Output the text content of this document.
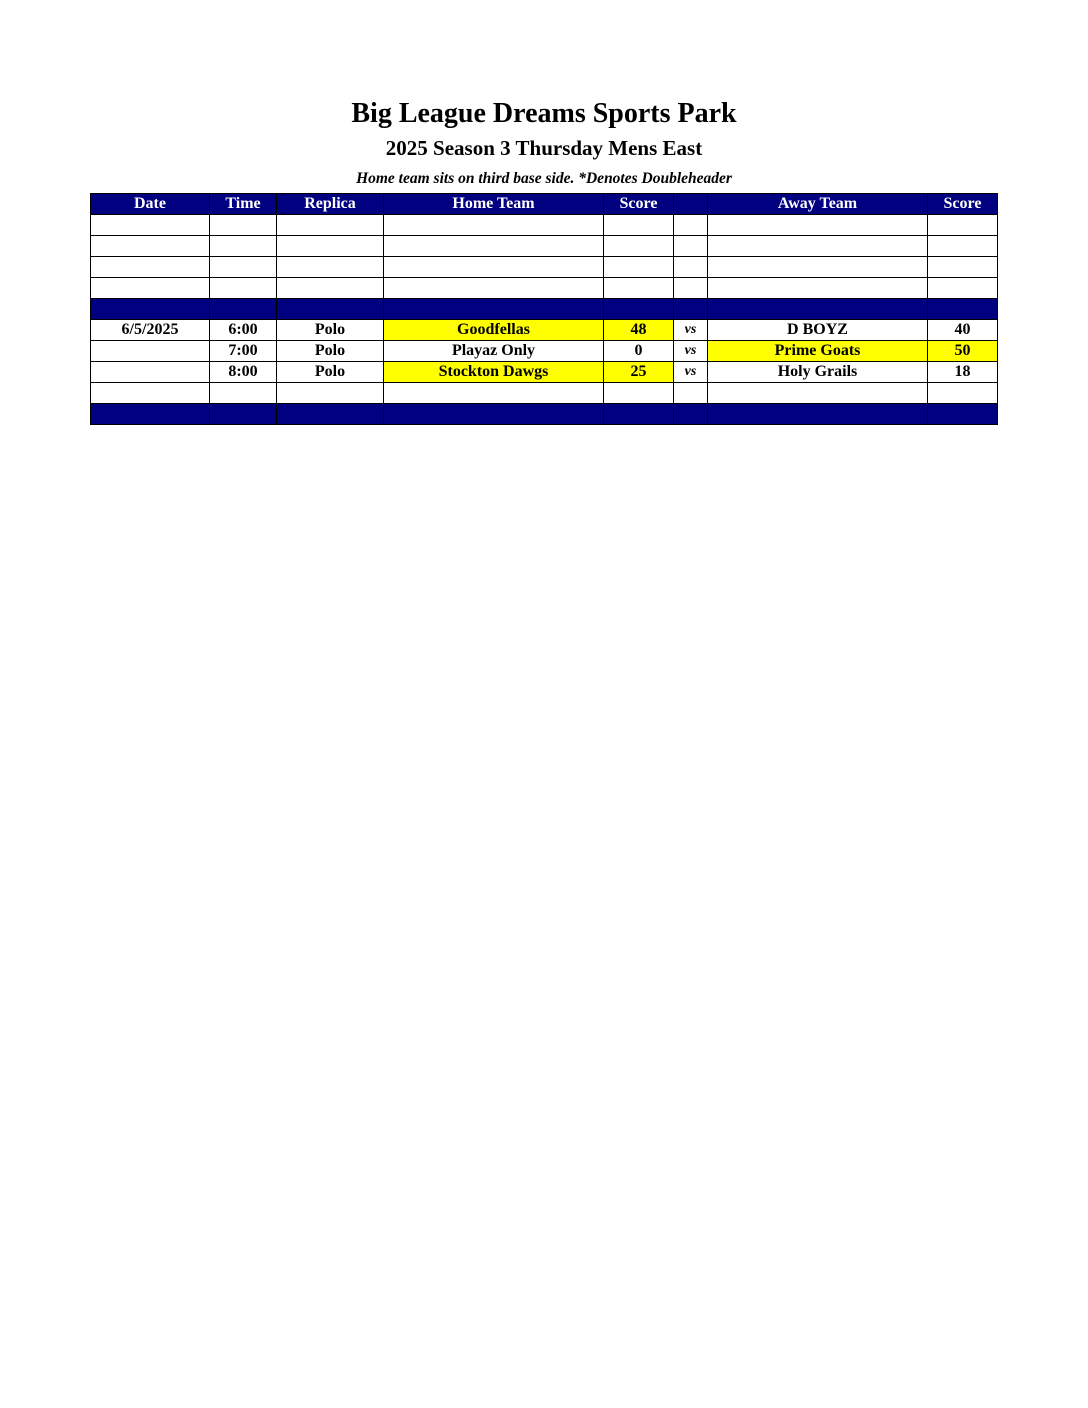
Big League Dreams Sports Park
2025 Season 3 Thursday Mens East
Home team sits on third base side. *Denotes Doubleheader
Date	Time	Replica	Home Team	Score		Away Team	Score

6/5/2025	6:00	Polo	Goodfellas	48	vs	D BOYZ	40
	7:00	Polo	Playaz Only	0	vs	Prime Goats	50
	8:00	Polo	Stockton Dawgs	25	vs	Holy Grails	18
